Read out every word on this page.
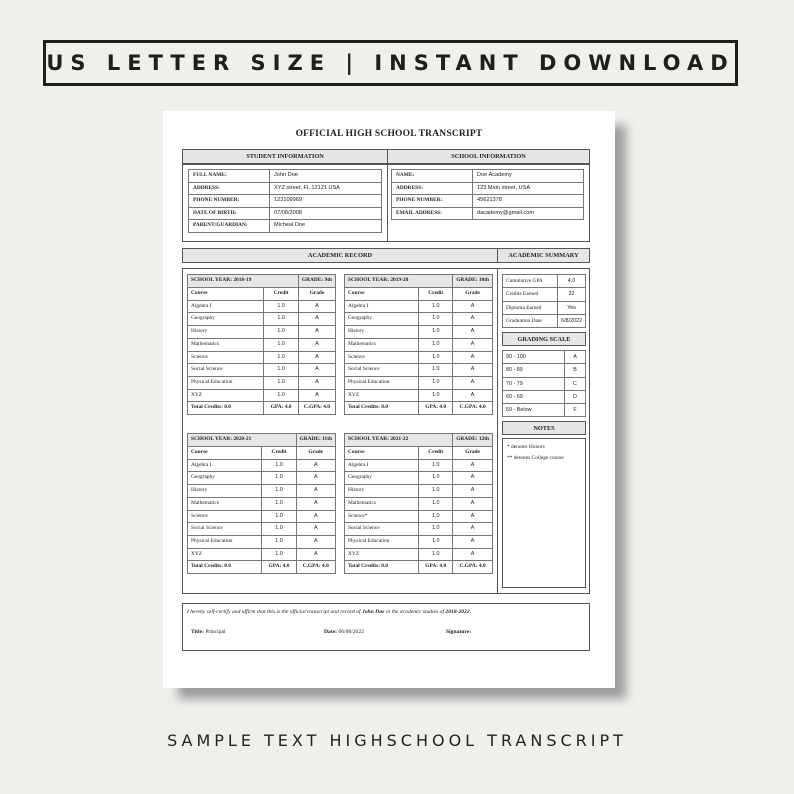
US LETTER SIZE | INSTANT DOWNLOAD
OFFICIAL HIGH SCHOOL TRANSCRIPT
STUDENT INFORMATION	SCHOOL INFORMATION
FULL NAME:	John Doe
ADDRESS:	XYZ street, FL 12121 USA
PHONE NUMBER:	123109969
DATE OF BIRTH:	07/08/2008
PARENT/GUARDIAN:	Micheal Doe
NAME:	Doe Academy
ADDRESS:	123 Main street, USA
PHONE NUMBER:	45621378
EMAIL ADDRESS:	dacademy@gmail.com
ACADEMIC RECORD	ACADEMIC SUMMARY
SCHOOL YEAR: 2018-19		GRADE: 9th
Course	Credit	Grade
Algebra I	1.0	A
Geography	1.0	A
History	1.0	A
Mathematics	1.0	A
Science	1.0	A
Social Science	1.0	A
Physical Education	1.0	A
XYZ	1.0	A
Total Credits: 8.0	GPA: 4.0	C.GPA: 4.0
SCHOOL YEAR: 2019-20		GRADE: 10th
Course	Credit	Grade
Algebra I	1.0	A
Geography	1.0	A
History	1.0	A
Mathematics	1.0	A
Science	1.0	A
Social Science	1.0	A
Physical Education	1.0	A
XYZ	1.0	A
Total Credits: 8.0	GPA: 4.0	C.GPA: 4.0
SCHOOL YEAR: 2020-21		GRADE: 11th
Course	Credit	Grade
Algebra I	1.0	A
Geography	1.0	A
History	1.0	A
Mathematics	1.0	A
Science	1.0	A
Social Science	1.0	A
Physical Education	1.0	A
XYZ	1.0	A
Total Credits: 8.0	GPA: 4.0	C.GPA: 4.0
SCHOOL YEAR: 2021-22		GRADE: 12th
Course	Credit	Grade
Algebra I	1.0	A
Geography	1.0	A
History	1.0	A
Mathematics	1.0	A
Science*	1.0	A
Social Science	1.0	A
Physical Education	1.0	A
XYZ	1.0	A
Total Credits: 8.0	GPA: 4.0	C.GPA: 4.0
Cumulative GPA	4.0
Credits Earned	32
Diploma Earned	Yes
Graduation Date	6/8/2022
GRADING SCALE
90 - 100	A
80 - 89	B
70 - 79	C
60 - 69	D
59 - Below	F
NOTES
* denotes Honors
** denotes College course
I hereby self-certify and affirm that this is the official transcript and record of John Doe in the academic studies of 2018-2022.
Title: Principal	Date: 06/08/2022	Signature:
SAMPLE TEXT HIGHSCHOOL TRANSCRIPT
